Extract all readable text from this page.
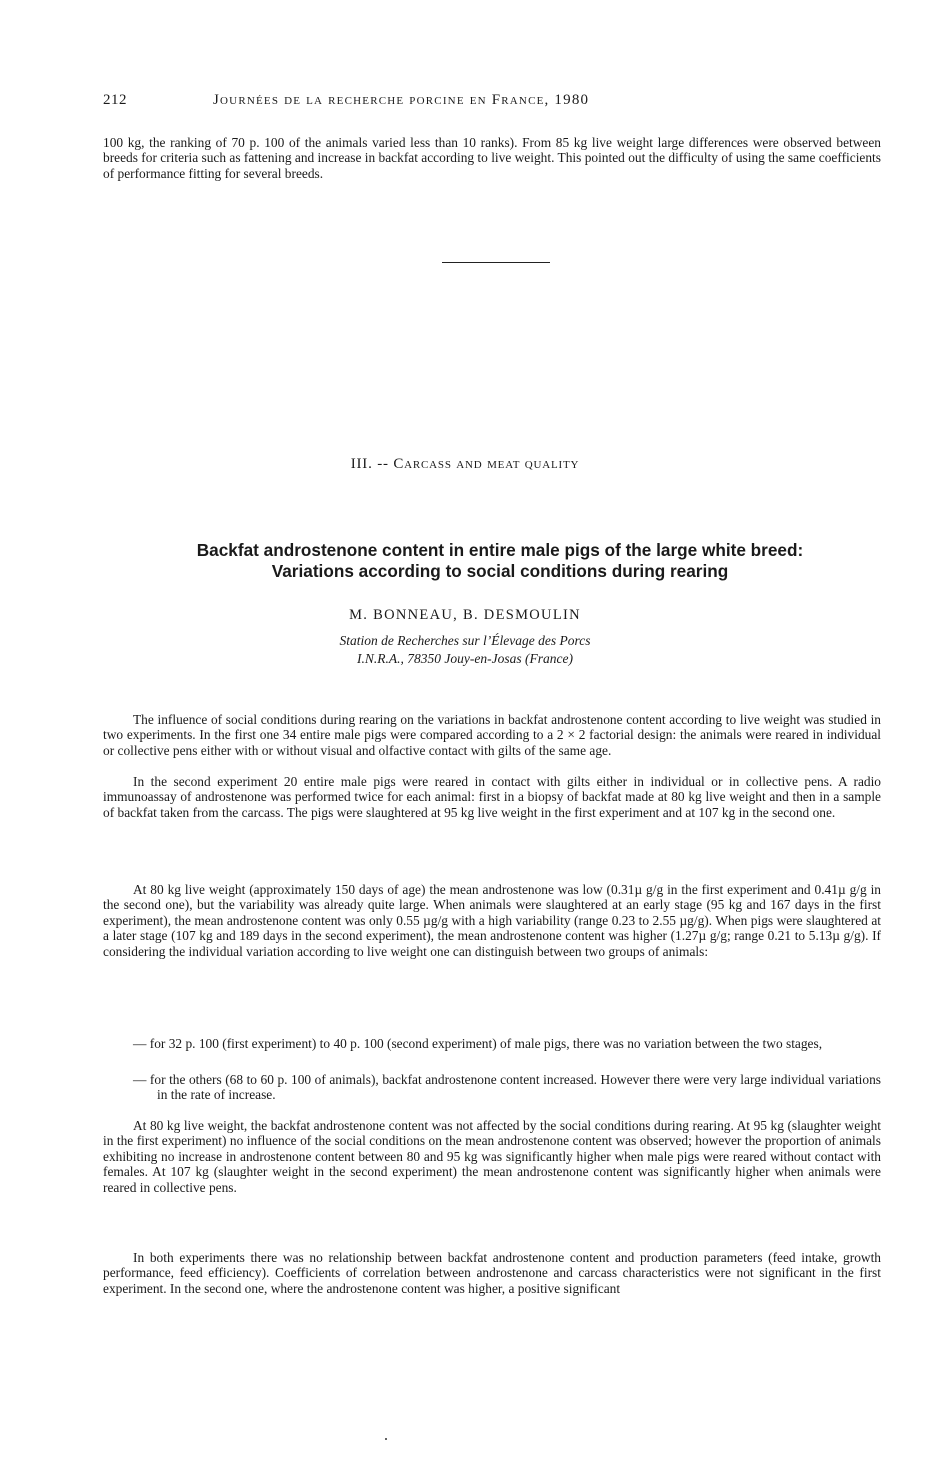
212	Journées de la recherche porcine en France, 1980

100 kg, the ranking of 70 p. 100 of the animals varied less than 10 ranks). From 85 kg live weight large differences were observed between breeds for criteria such as fattening and increase in backfat according to live weight. This pointed out the difficulty of using the same coefficients of performance fitting for several breeds.

III. -- Carcass and meat quality
Backfat androstenone content in entire male pigs of the large white breed:
Variations according to social conditions during rearing
M. BONNEAU, B. DESMOULIN
Station de Recherches sur l’Élevage des Porcs
I.N.R.A., 78350 Jouy-en-Josas (France)

The influence of social conditions during rearing on the variations in backfat androstenone content according to live weight was studied in two experiments. In the first one 34 entire male pigs were compared according to a 2 × 2 factorial design: the animals were reared in individual or collective pens either with or without visual and olfactive contact with gilts of the same age.

In the second experiment 20 entire male pigs were reared in contact with gilts either in individual or in collective pens. A radio immunoassay of androstenone was performed twice for each animal: first in a biopsy of backfat made at 80 kg live weight and then in a sample of backfat taken from the carcass. The pigs were slaughtered at 95 kg live weight in the first experiment and at 107 kg in the second one.

At 80 kg live weight (approximately 150 days of age) the mean androstenone was low (0.31µ g/g in the first experiment and 0.41µ g/g in the second one), but the variability was already quite large. When animals were slaughtered at an early stage (95 kg and 167 days in the first experiment), the mean androstenone content was only 0.55 µg/g with a high variability (range 0.23 to 2.55 µg/g). When pigs were slaughtered at a later stage (107 kg and 189 days in the second experiment), the mean androstenone content was higher (1.27µ g/g; range 0.21 to 5.13µ g/g). If considering the individual variation according to live weight one can distinguish between two groups of animals:

— for 32 p. 100 (first experiment) to 40 p. 100 (second experiment) of male pigs, there was no variation between the two stages,
— for the others (68 to 60 p. 100 of animals), backfat androstenone content increased. However there were very large individual variations in the rate of increase.

At 80 kg live weight, the backfat androstenone content was not affected by the social conditions during rearing. At 95 kg (slaughter weight in the first experiment) no influence of the social conditions on the mean androstenone content was observed; however the proportion of animals exhibiting no increase in androstenone content between 80 and 95 kg was significantly higher when male pigs were reared without contact with females. At 107 kg (slaughter weight in the second experiment) the mean androstenone content was significantly higher when animals were reared in collective pens.

In both experiments there was no relationship between backfat androstenone content and production parameters (feed intake, growth performance, feed efficiency). Coefficients of correlation between androstenone and carcass characteristics were not significant in the first experiment. In the second one, where the androstenone content was higher, a positive significant
